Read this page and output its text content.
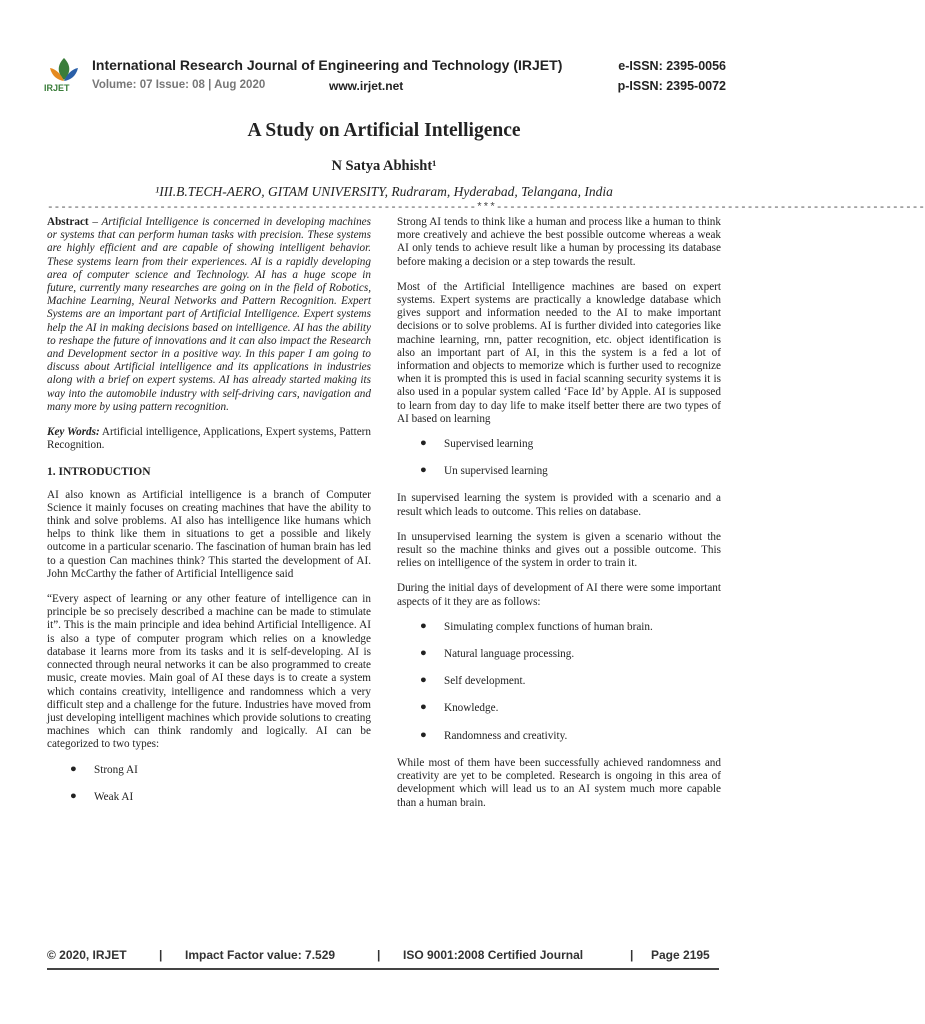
IRJET
International Research Journal of Engineering and Technology (IRJET)	e-ISSN: 2395-0056
Volume: 07 Issue: 08 | Aug 2020	www.irjet.net	p-ISSN: 2395-0072
A Study on Artificial Intelligence
N Satya Abhisht¹
¹III.B.TECH-AERO, GITAM UNIVERSITY, Rudraram, Hyderabad, Telangana, India
-----------------------------------------------------------------***-----------------------------------------------------------------

Abstract – Artificial Intelligence is concerned in developing machines or systems that can perform human tasks with precision. These systems are highly efficient and are capable of showing intelligent behavior. These systems learn from their experiences. AI is a rapidly developing area of computer science and Technology. AI has a huge scope in future, currently many researches are going on in the field of Robotics, Machine Learning, Neural Networks and Pattern Recognition. Expert Systems are an important part of Artificial Intelligence. Expert systems help the AI in making decisions based on intelligence. AI has the ability to reshape the future of innovations and it can also impact the Research and Development sector in a positive way. In this paper I am going to discuss about Artificial intelligence and its applications in industries along with a brief on expert systems. AI has already started making its way into the automobile industry with self-driving cars, navigation and many more by using pattern recognition.

Key Words: Artificial intelligence, Applications, Expert systems, Pattern Recognition.

1. INTRODUCTION

AI also known as Artificial intelligence is a branch of Computer Science it mainly focuses on creating machines that have the ability to think and solve problems. AI also has intelligence like humans which helps to think like them in situations to get a possible and likely outcome in a particular scenario. The fascination of human brain has led to a question Can machines think? This started the development of AI. John McCarthy the father of Artificial Intelligence said

“Every aspect of learning or any other feature of intelligence can in principle be so precisely described a machine can be made to stimulate it”. This is the main principle and idea behind Artificial Intelligence. AI is also a type of computer program which relies on a knowledge database it learns more from its tasks and it is self-developing. AI is connected through neural networks it can be also programmed to create music, create movies. Main goal of AI these days is to create a system which contains creativity, intelligence and randomness which a very difficult step and a challenge for the future. Industries have moved from just developing intelligent machines which provide solutions to creating machines which can think randomly and logically. AI can be categorized to two types:

● Strong AI
● Weak AI

Strong AI tends to think like a human and process like a human to think more creatively and achieve the best possible outcome whereas a weak AI only tends to achieve result like a human by processing its database before making a decision or a step towards the result.

Most of the Artificial Intelligence machines are based on expert systems. Expert systems are practically a knowledge database which gives support and information needed to the AI to make important decisions or to solve problems. AI is further divided into categories like machine learning, rnn, patter recognition, etc. object identification is also an important part of AI, in this the system is a fed a lot of information and objects to memorize which is further used to recognize when it is prompted this is used in facial scanning security systems it is also used in a popular system called ‘Face Id’ by Apple. AI is supposed to learn from day to day life to make itself better there are two types of AI based on learning

● Supervised learning
● Un supervised learning

In supervised learning the system is provided with a scenario and a result which leads to outcome. This relies on database.

In unsupervised learning the system is given a scenario without the result so the machine thinks and gives out a possible outcome. This relies on intelligence of the system in order to train it.

During the initial days of development of AI there were some important aspects of it they are as follows:

● Simulating complex functions of human brain.
● Natural language processing.
● Self development.
● Knowledge.
● Randomness and creativity.

While most of them have been successfully achieved randomness and creativity are yet to be completed. Research is ongoing in this area of development which will lead us to an AI system much more capable than a human brain.

© 2020, IRJET	| Impact Factor value: 7.529	| ISO 9001:2008 Certified Journal	| Page 2195
